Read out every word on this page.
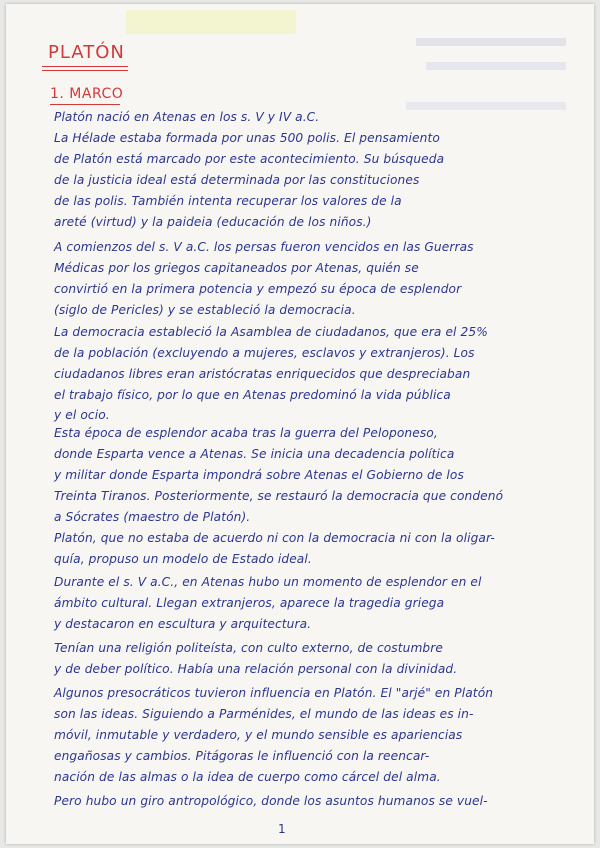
PLATÓN
1. MARCO
Platón nació en Atenas en los s. V y IV a.C.
La Hélade estaba formada por unas 500 polis. El pensamiento
de Platón está marcado por este acontecimiento. Su búsqueda
de la justicia ideal está determinada por las constituciones
de las polis. También intenta recuperar los valores de la
areté (virtud) y la paideia (educación de los niños.)
A comienzos del s. V a.C. los persas fueron vencidos en las Guerras
Médicas por los griegos capitaneados por Atenas, quién se
convirtió en la primera potencia y empezó su época de esplendor
(siglo de Pericles) y se estableció la democracia.
La democracia estableció la Asamblea de ciudadanos, que era el 25%
de la población (excluyendo a mujeres, esclavos y extranjeros). Los
ciudadanos libres eran aristócratas enriquecidos que despreciaban
el trabajo físico, por lo que en Atenas predominó la vida pública
y el ocio.
Esta época de esplendor acaba tras la guerra del Peloponeso,
donde Esparta vence a Atenas. Se inicia una decadencia política
y militar donde Esparta impondrá sobre Atenas el Gobierno de los
Treinta Tiranos. Posteriormente, se restauró la democracia que condenó
a Sócrates (maestro de Platón).
Platón, que no estaba de acuerdo ni con la democracia ni con la oligar-
quía, propuso un modelo de Estado ideal.
Durante el s. V a.C., en Atenas hubo un momento de esplendor en el
ámbito cultural. Llegan extranjeros, aparece la tragedia griega
y destacaron en escultura y arquitectura.
Tenían una religión politeísta, con culto externo, de costumbre
y de deber político. Había una relación personal con la divinidad.
Algunos presocráticos tuvieron influencia en Platón. El "arjé" en Platón
son las ideas. Siguiendo a Parménides, el mundo de las ideas es in-
móvil, inmutable y verdadero, y el mundo sensible es apariencias
engañosas y cambios. Pitágoras le influenció con la reencar-
nación de las almas o la idea de cuerpo como cárcel del alma.
Pero hubo un giro antropológico, donde los asuntos humanos se vuel-
1
